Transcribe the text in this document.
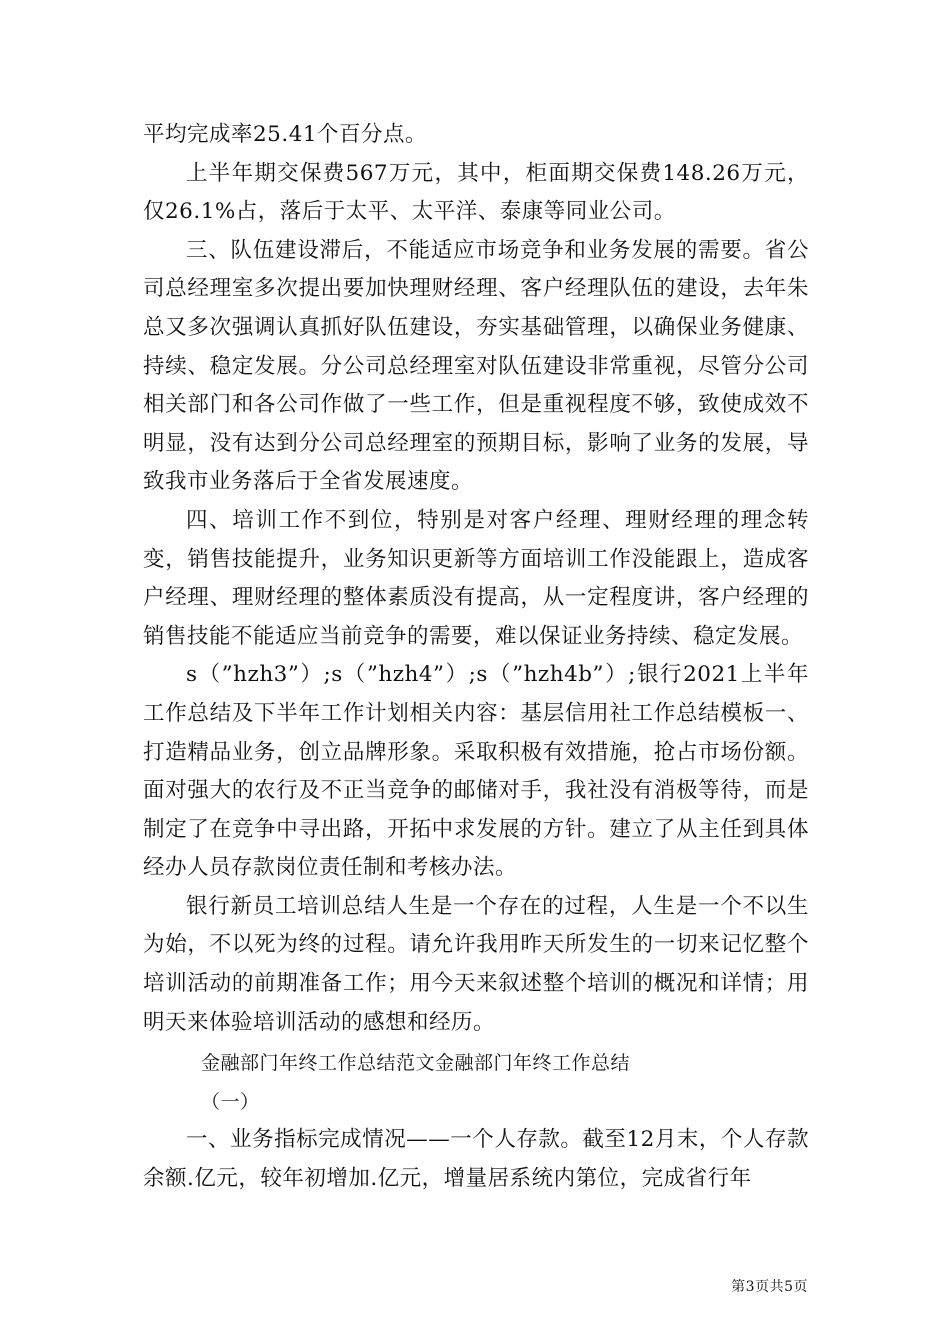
平均完成率25.41个百分点。

上半年期交保费567万元，其中，柜面期交保费148.26万元，仅26.1%占，落后于太平、太平洋、泰康等同业公司。

三、队伍建设滞后，不能适应市场竞争和业务发展的需要。省公司总经理室多次提出要加快理财经理、客户经理队伍的建设，去年朱总又多次强调认真抓好队伍建设，夯实基础管理，以确保业务健康、持续、稳定发展。分公司总经理室对队伍建设非常重视，尽管分公司相关部门和各公司作做了一些工作，但是重视程度不够，致使成效不明显，没有达到分公司总经理室的预期目标，影响了业务的发展，导致我市业务落后于全省发展速度。

四、培训工作不到位，特别是对客户经理、理财经理的理念转变，销售技能提升，业务知识更新等方面培训工作没能跟上，造成客户经理、理财经理的整体素质没有提高，从一定程度讲，客户经理的销售技能不能适应当前竞争的需要，难以保证业务持续、稳定发展。

s（”hzh3”）;s（”hzh4”）;s（”hzh4b”）;银行2021上半年工作总结及下半年工作计划相关内容：基层信用社工作总结模板一、打造精品业务，创立品牌形象。采取积极有效措施，抢占市场份额。面对强大的农行及不正当竞争的邮储对手，我社没有消极等待，而是制定了在竞争中寻出路，开拓中求发展的方针。建立了从主任到具体经办人员存款岗位责任制和考核办法。

银行新员工培训总结人生是一个存在的过程，人生是一个不以生为始，不以死为终的过程。请允许我用昨天所发生的一切来记忆整个培训活动的前期准备工作；用今天来叙述整个培训的概况和详情；用明天来体验培训活动的感想和经历。

金融部门年终工作总结范文金融部门年终工作总结

（一）

一、业务指标完成情况——一个人存款。截至12月末，个人存款余额.亿元，较年初增加.亿元，增量居系统内第位，完成省行年

第3页共5页
